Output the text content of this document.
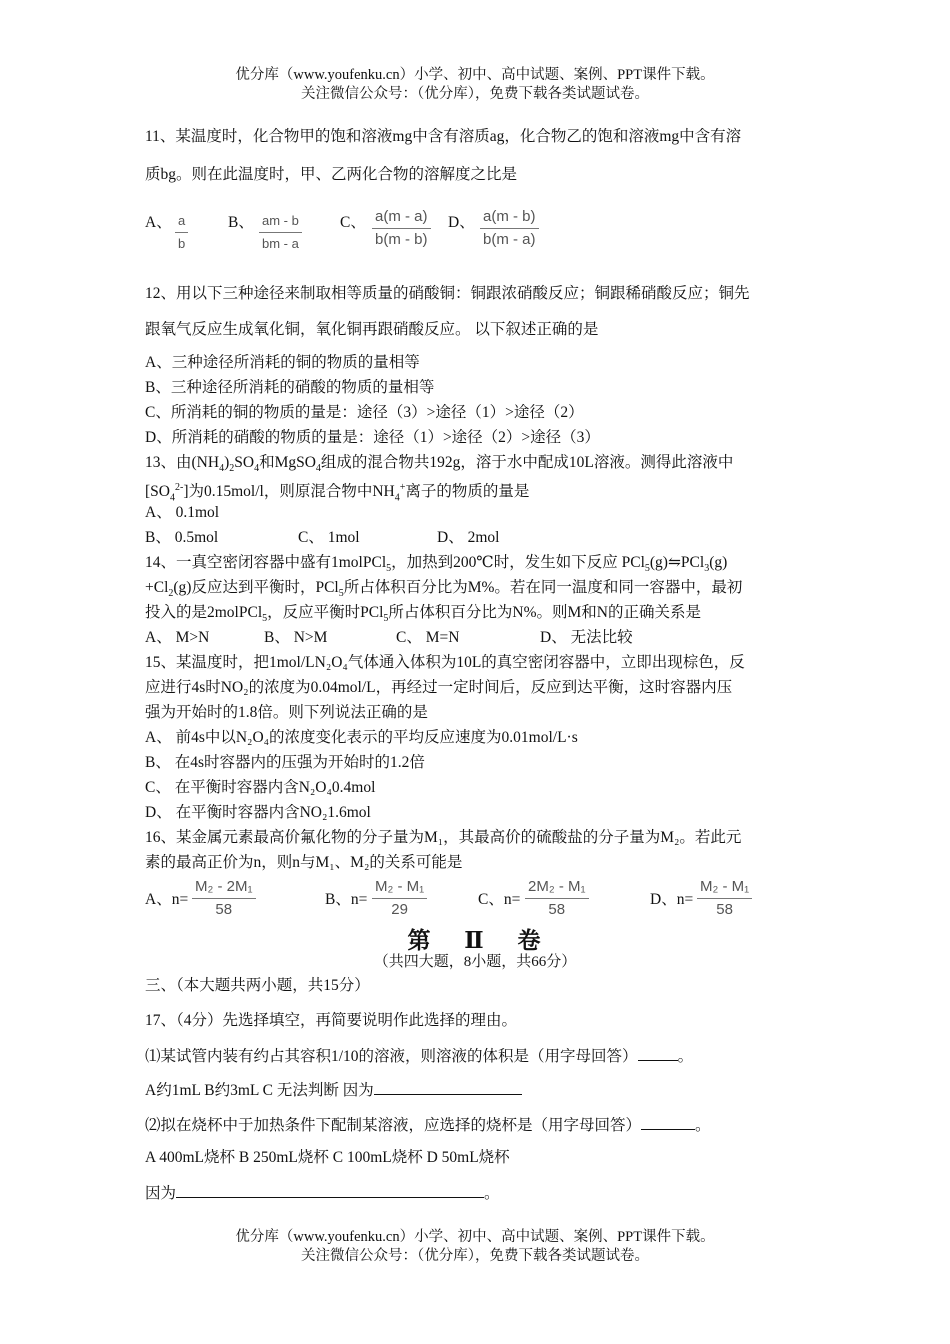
优分库（www.youfenku.cn）小学、初中、高中试题、案例、PPT课件下载。
关注微信公众号：（优分库），免费下载各类试题试卷。
11、某温度时，化合物甲的饱和溶液mg中含有溶质ag，化合物乙的饱和溶液mg中含有溶
质bg。则在此温度时，甲、乙两化合物的溶解度之比是
A、 $\frac{a}{b}$	B、 $\frac{am - b}{bm - a}$ C、 $\frac{a(m - a)}{b(m - b)}$ D、 $\frac{a(m - b)}{b(m - a)}$
12、用以下三种途径来制取相等质量的硝酸铜：铜跟浓硝酸反应；铜跟稀硝酸反应；铜先
跟氧气反应生成氧化铜，氧化铜再跟硝酸反应。 以下叙述正确的是
A、三种途径所消耗的铜的物质的量相等
B、三种途径所消耗的硝酸的物质的量相等
C、所消耗的铜的物质的量是：途径（3）>途径（1）>途径（2）
D、所消耗的硝酸的物质的量是：途径（1）>途径（2）>途径（3）
13、由$(NH_4)_2SO_4$和MgSO$_4$组成的混合物共192g，溶于水中配成10L溶液。测得此溶液中
$[SO_4^{2-}]$为0.15mol/l，则原混合物中$NH_4^+$离子的物质的量是
A、 0.1mol
B、 0.5mol	C、 1mol	D、 2mol
14、一真空密闭容器中盛有1molPCl$_5$，加热到200℃时，发生如下反应 PCl$_5$(g)⇋PCl$_3$(g)
$+Cl_2(g)$反应达到平衡时，PCl$_5$所占体积百分比为M%。若在同一温度和同一容器中，最初
投入的是2molPCl$_5$，反应平衡时PCl$_5$所占体积百分比为N%。则M和N的正确关系是
A、 M>N	B、 N>M	C、 M=N	D、 无法比较
15、某温度时，把1mol/LN₂O₄气体通入体积为10L的真空密闭容器中，立即出现棕色，反
应进行4s时NO₂的浓度为0.04mol/L，再经过一定时间后，反应到达平衡，这时容器内压
强为开始时的1.8倍。则下列说法正确的是
A、 前4s中以N₂O₄的浓度变化表示的平均反应速度为0.01mol/L·s
B、 在4s时容器内的压强为开始时的1.2倍
C、 在平衡时容器内含N₂O₄0.4mol
D、 在平衡时容器内含NO₂1.6mol
16、某金属元素最高价氟化物的分子量为M₁，其最高价的硫酸盐的分子量为M₂。若此元
素的最高正价为n，则n与M₁、M₂的关系可能是
A、$n= \frac{\text{M₂ - 2M₁}}{58}$	B、$n= \frac{\text{M₂ - M₁}}{29}$	C、$n= \frac{\text{2M₂ - M₁}}{58}$	D、$n= \frac{\text{M₂ - M₁}}{58}$
第 Ⅱ 卷
（共四大题，8小题，共66分）
三、（本大题共两小题，共15分）
17、（4分）先选择填空，再简要说明作此选择的理由。
⑴某试管内装有约占其容积1/10的溶液，则溶液的体积是（用字母回答）	。
A约1mL B约3mL C 无法判断 因为
⑵拟在烧杯中于加热条件下配制某溶液，应选择的烧杯是（用字母回答）	。
A 400mL烧杯 B 250mL烧杯 C 100mL烧杯 D 50mL烧杯
因为	。
优分库（www.youfenku.cn）小学、初中、高中试题、案例、PPT课件下载。
关注微信公众号：（优分库），免费下载各类试题试卷。
